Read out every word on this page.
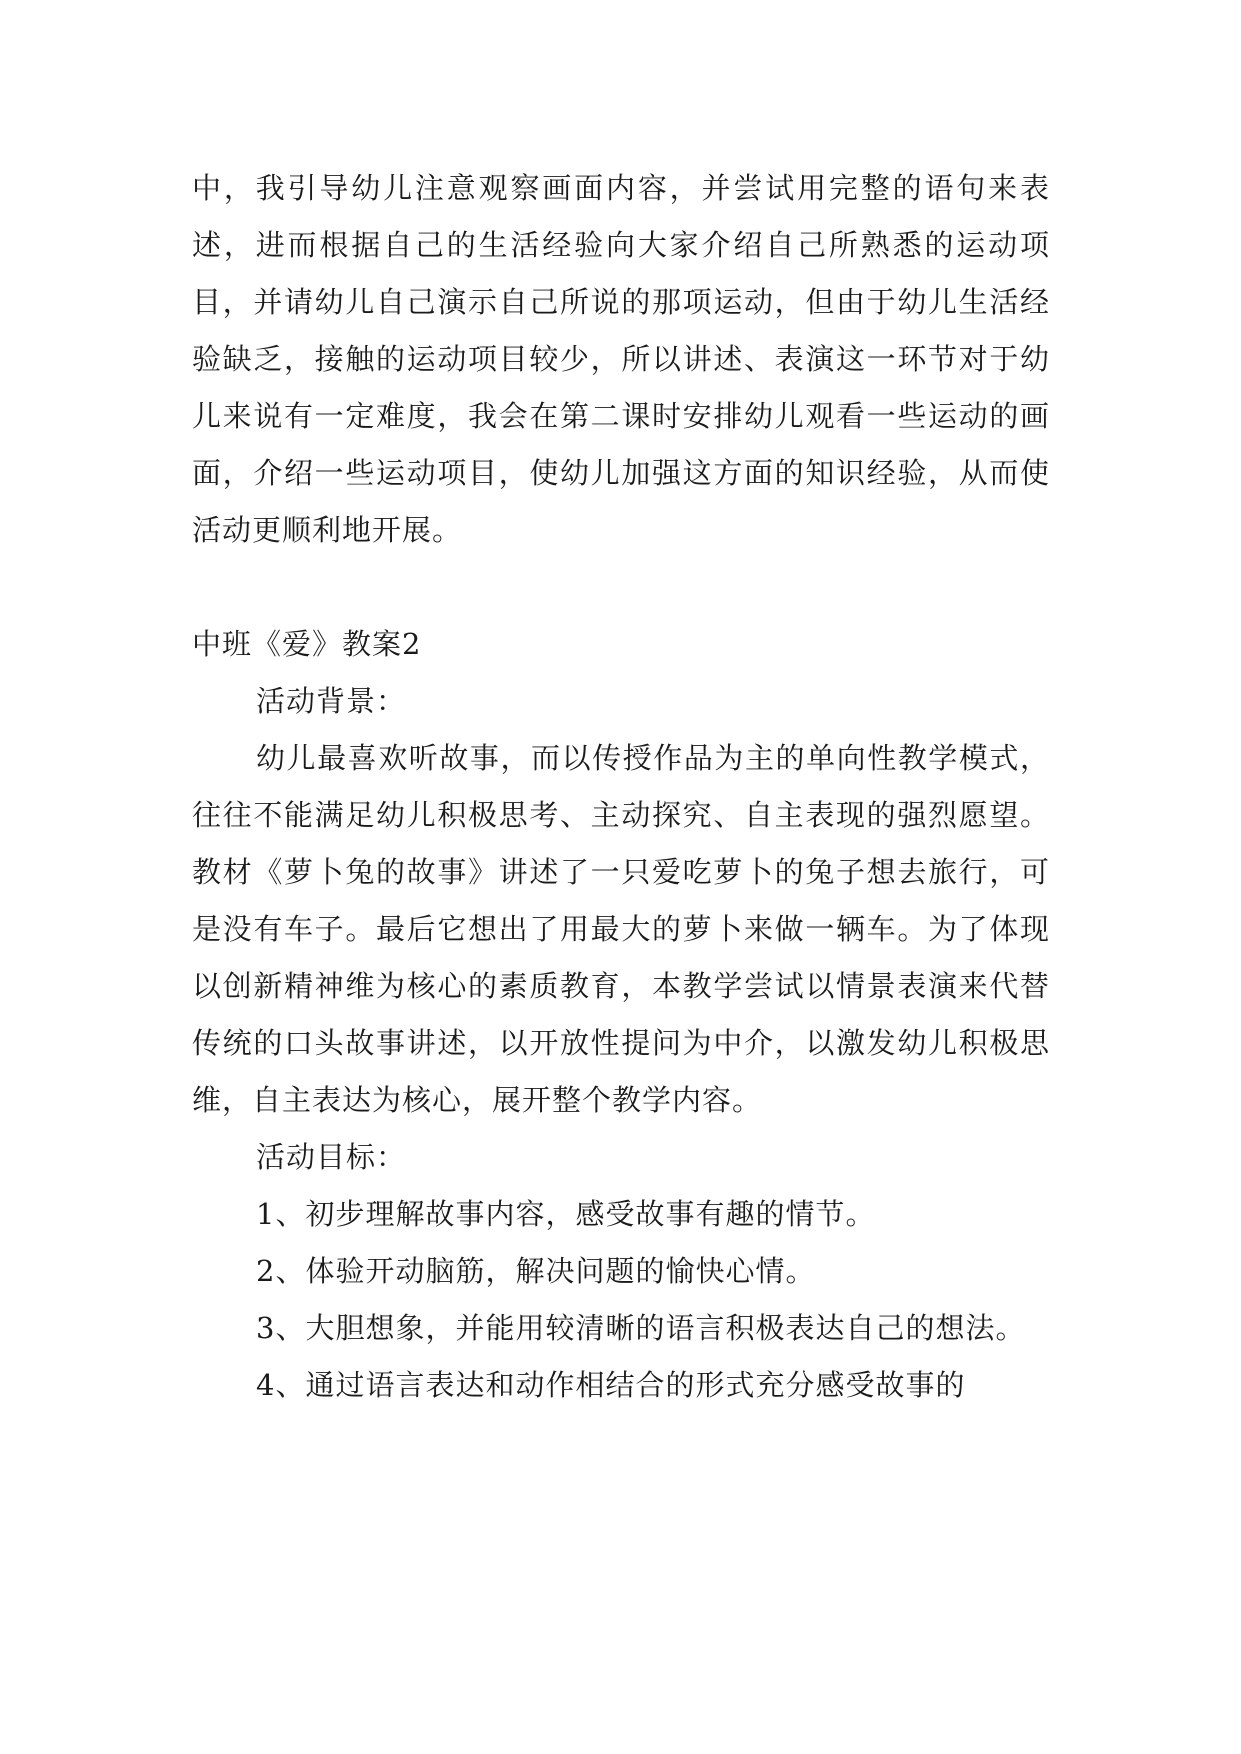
中，我引导幼儿注意观察画面内容，并尝试用完整的语句来表述，进而根据自己的生活经验向大家介绍自己所熟悉的运动项目，并请幼儿自己演示自己所说的那项运动，但由于幼儿生活经验缺乏，接触的运动项目较少，所以讲述、表演这一环节对于幼儿来说有一定难度，我会在第二课时安排幼儿观看一些运动的画面，介绍一些运动项目，使幼儿加强这方面的知识经验，从而使活动更顺利地开展。

中班《爱》教案2

活动背景：

幼儿最喜欢听故事，而以传授作品为主的单向性教学模式，往往不能满足幼儿积极思考、主动探究、自主表现的强烈愿望。教材《萝卜兔的故事》讲述了一只爱吃萝卜的兔子想去旅行，可是没有车子。最后它想出了用最大的萝卜来做一辆车。为了体现以创新精神维为核心的素质教育，本教学尝试以情景表演来代替传统的口头故事讲述，以开放性提问为中介，以激发幼儿积极思维，自主表达为核心，展开整个教学内容。

活动目标：

1、初步理解故事内容，感受故事有趣的情节。

2、体验开动脑筋，解决问题的愉快心情。

3、大胆想象，并能用较清晰的语言积极表达自己的想法。

4、通过语言表达和动作相结合的形式充分感受故事的
